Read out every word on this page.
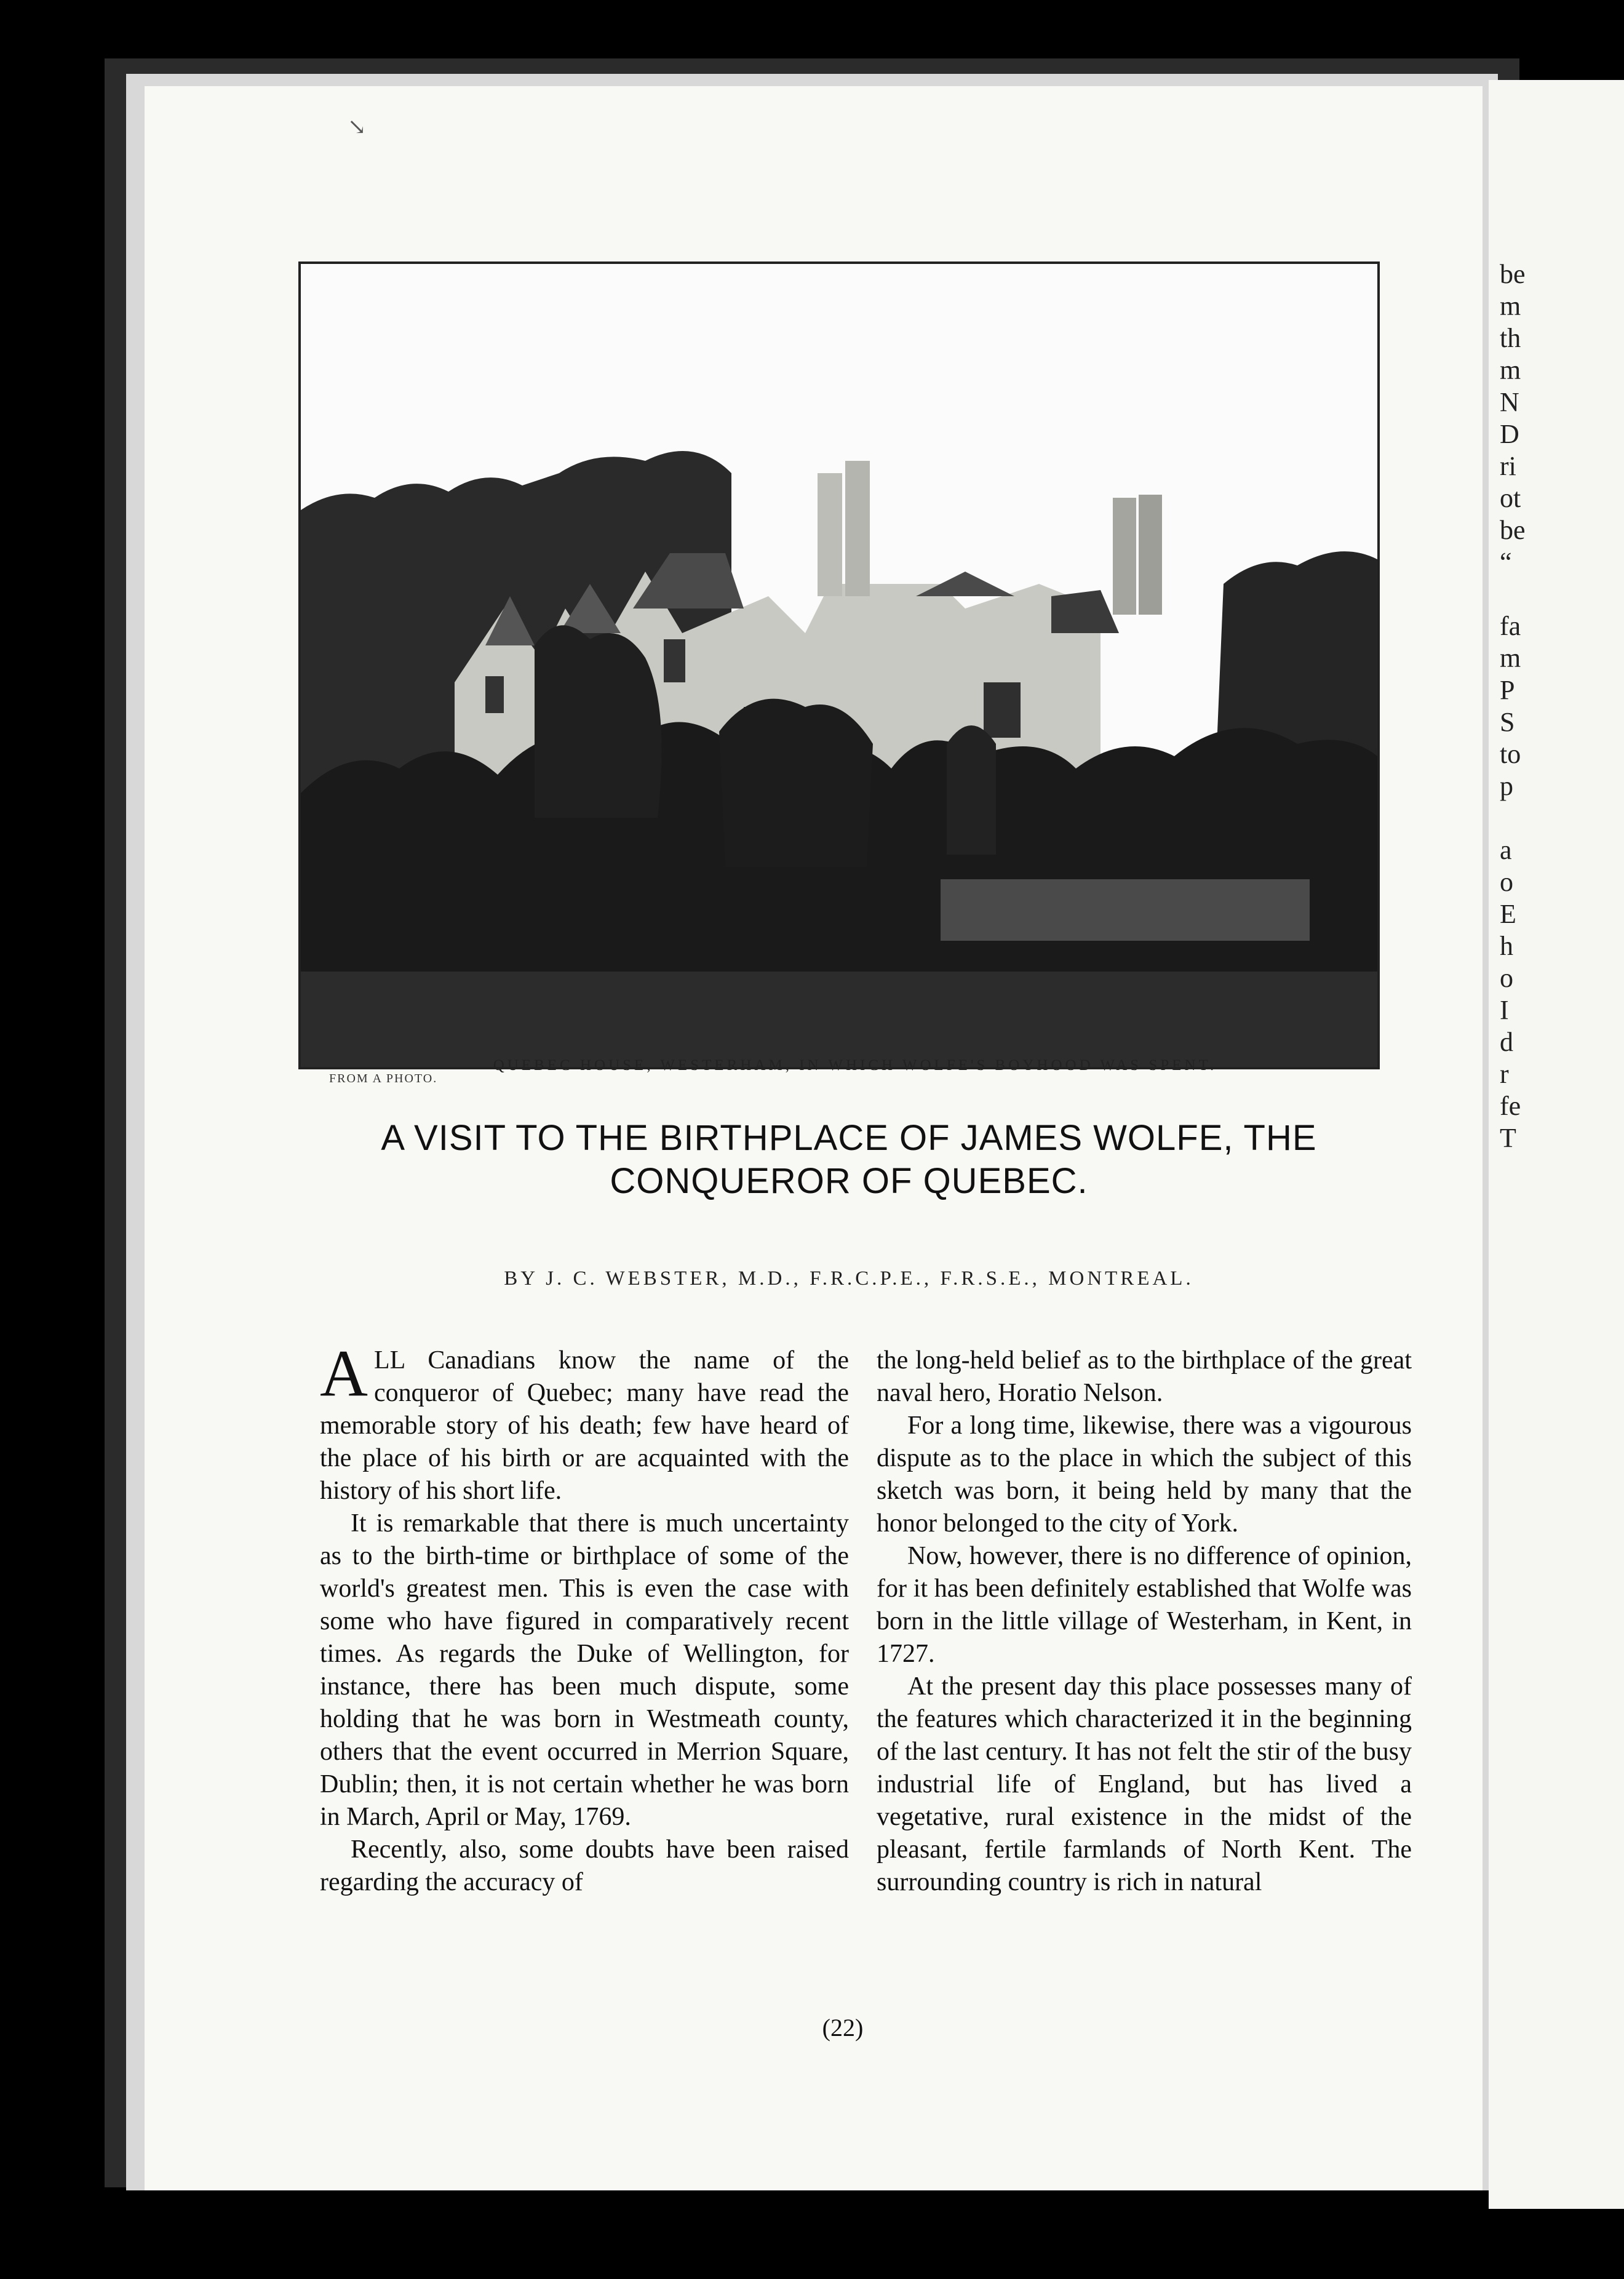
be
m
th
m
N
D
ri
ot
be
“

fa
m
P
S
to
p

a
o
E
h
o
I
d
r
fe
T
↘
FROM A PHOTO.
QUEBEC HOUSE, WESTERHAM, IN WHICH WOLFE'S BOYHOOD WAS SPENT.
A VISIT TO THE BIRTHPLACE OF JAMES WOLFE, THE CONQUEROR OF QUEBEC.
BY J. C. WEBSTER, M.D., F.R.C.P.E., F.R.S.E., MONTREAL.

ALL Canadians know the name of the conqueror of Quebec; many have read the memorable story of his death; few have heard of the place of his birth or are acquainted with the history of his short life.

It is remarkable that there is much uncertainty as to the birth-time or birthplace of some of the world's greatest men. This is even the case with some who have figured in comparatively recent times. As regards the Duke of Wellington, for instance, there has been much dispute, some holding that he was born in Westmeath county, others that the event occurred in Merrion Square, Dublin; then, it is not certain whether he was born in March, April or May, 1769.

Recently, also, some doubts have been raised regarding the accuracy of

the long-held belief as to the birthplace of the great naval hero, Horatio Nelson.

For a long time, likewise, there was a vigourous dispute as to the place in which the subject of this sketch was born, it being held by many that the honor belonged to the city of York.

Now, however, there is no difference of opinion, for it has been definitely established that Wolfe was born in the little village of Westerham, in Kent, in 1727.

At the present day this place possesses many of the features which characterized it in the beginning of the last century. It has not felt the stir of the busy industrial life of England, but has lived a vegetative, rural existence in the midst of the pleasant, fertile farmlands of North Kent. The surrounding country is rich in natural

(22)
